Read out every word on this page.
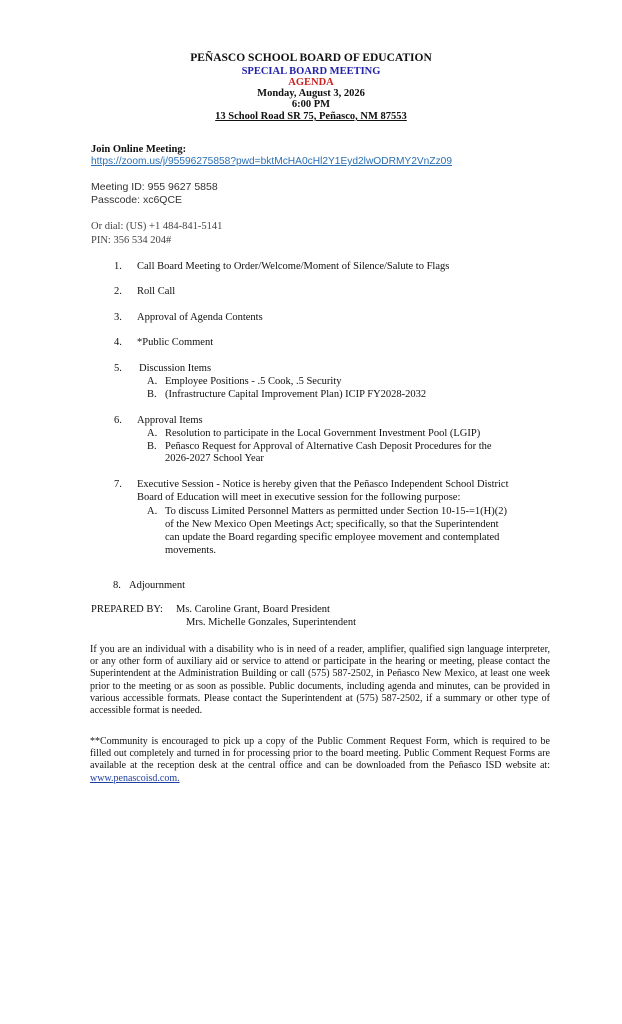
PEÑASCO SCHOOL BOARD OF EDUCATION
SPECIAL BOARD MEETING
AGENDA
Monday, August 3, 2026
6:00 PM
13 School Road SR 75, Peñasco, NM 87553
Join Online Meeting:
https://zoom.us/j/95596275858?pwd=bktMcHA0cHl2Y1Eyd2lwODRMY2VnZz09
Meeting ID: 955 9627 5858
Passcode: xc6QCE
Or dial: (US) +1 484-841-5141
PIN: 356 534 204#
1. Call Board Meeting to Order/Welcome/Moment of Silence/Salute to Flags
2. Roll Call
3. Approval of Agenda Contents
4. *Public Comment
5. Discussion Items
A. Employee Positions - .5 Cook, .5 Security
B. (Infrastructure Capital Improvement Plan) ICIP FY2028-2032
6. Approval Items
A. Resolution to participate in the Local Government Investment Pool (LGIP)
B. Peñasco Request for Approval of Alternative Cash Deposit Procedures for the
2026-2027 School Year
7. Executive Session - Notice is hereby given that the Peñasco Independent School District
Board of Education will meet in executive session for the following purpose:
A. To discuss Limited Personnel Matters as permitted under Section 10-15-=1(H)(2)
of the New Mexico Open Meetings Act; specifically, so that the Superintendent
can update the Board regarding specific employee movement and contemplated
movements.
8. Adjournment
PREPARED BY: Ms. Caroline Grant, Board President
Mrs. Michelle Gonzales, Superintendent
If you are an individual with a disability who is in need of a reader, amplifier, qualified sign language interpreter, or any other form of auxiliary aid or service to attend or participate in the hearing or meeting, please contact the Superintendent at the Administration Building or call (575) 587-2502, in Peñasco New Mexico, at least one week prior to the meeting or as soon as possible. Public documents, including agenda and minutes, can be provided in various accessible formats. Please contact the Superintendent at (575) 587-2502, if a summary or other type of accessible format is needed.
**Community is encouraged to pick up a copy of the Public Comment Request Form, which is required to be filled out completely and turned in for processing prior to the board meeting. Public Comment Request Forms are available at the reception desk at the central office and can be downloaded from the Peñasco ISD website at: www.penascoisd.com.
